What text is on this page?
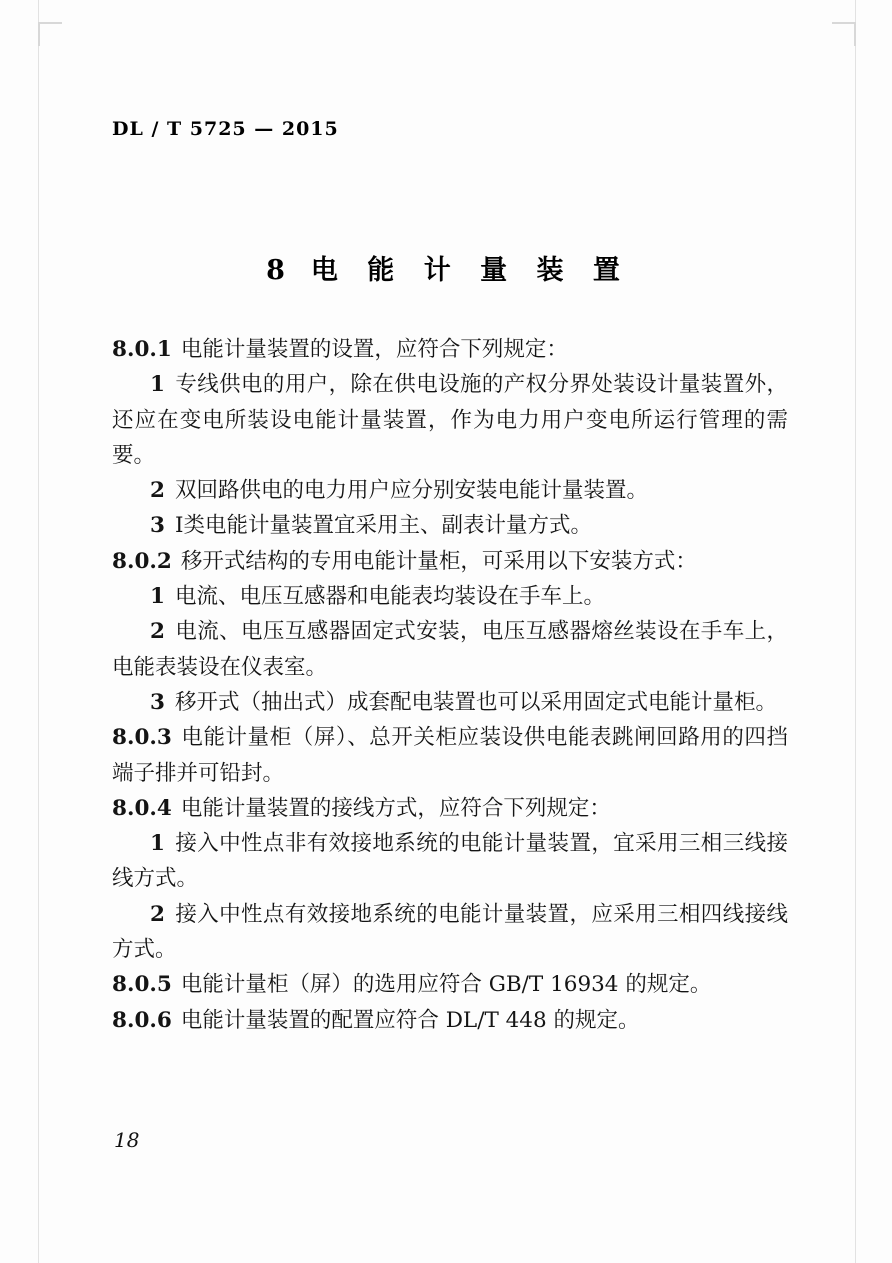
DL / T 5725 — 2015
8 电 能 计 量 装 置

8.0.1 电能计量装置的设置，应符合下列规定：

1 专线供电的用户，除在供电设施的产权分界处装设计量装置外，还应在变电所装设电能计量装置，作为电力用户变电所运行管理的需要。

2 双回路供电的电力用户应分别安装电能计量装置。

3 Ⅰ类电能计量装置宜采用主、副表计量方式。

8.0.2 移开式结构的专用电能计量柜，可采用以下安装方式：

1 电流、电压互感器和电能表均装设在手车上。

2 电流、电压互感器固定式安装，电压互感器熔丝装设在手车上，电能表装设在仪表室。

3 移开式（抽出式）成套配电装置也可以采用固定式电能计量柜。

8.0.3 电能计量柜（屏）、总开关柜应装设供电能表跳闸回路用的四挡端子排并可铅封。

8.0.4 电能计量装置的接线方式，应符合下列规定：

1 接入中性点非有效接地系统的电能计量装置，宜采用三相三线接线方式。

2 接入中性点有效接地系统的电能计量装置，应采用三相四线接线方式。

8.0.5 电能计量柜（屏）的选用应符合 GB/T 16934 的规定。

8.0.6 电能计量装置的配置应符合 DL/T 448 的规定。

18
